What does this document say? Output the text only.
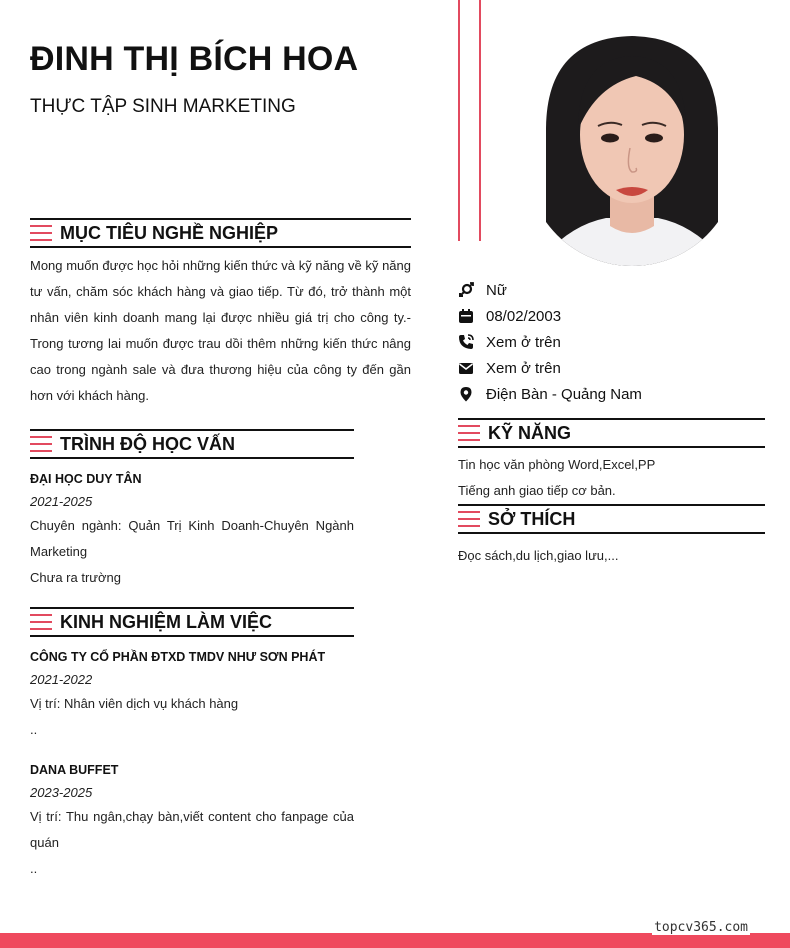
ĐINH THỊ BÍCH HOA
THỰC TẬP SINH MARKETING
MỤC TIÊU NGHỀ NGHIỆP
Mong muốn được học hỏi những kiến thức và kỹ năng về kỹ năng tư vấn, chăm sóc khách hàng và giao tiếp. Từ đó, trở thành một nhân viên kinh doanh mang lại được nhiều giá trị cho công ty.- Trong tương lai muốn được trau dồi thêm những kiến thức nâng cao trong ngành sale và đưa thương hiệu của công ty đến gần hơn với khách hàng.
TRÌNH ĐỘ HỌC VẤN
ĐẠI HỌC DUY TÂN
2021-2025
Chuyên ngành: Quản Trị Kinh Doanh-Chuyên Ngành Marketing
Chưa ra trường
KINH NGHIỆM LÀM VIỆC
CÔNG TY CỔ PHẦN ĐTXD TMDV NHƯ SƠN PHÁT
2021-2022
Vị trí: Nhân viên dịch vụ khách hàng
..
DANA BUFFET
2023-2025
Vị trí: Thu ngân,chạy bàn,viết content cho fanpage của quán
..
Nữ
08/02/2003
Xem ở trên
Xem ở trên
Điện Bàn - Quảng Nam
KỸ NĂNG
Tin học văn phòng Word,Excel,PP
Tiếng anh giao tiếp cơ bản.
SỞ THÍCH
Đọc sách,du lịch,giao lưu,...
topcv365.com
